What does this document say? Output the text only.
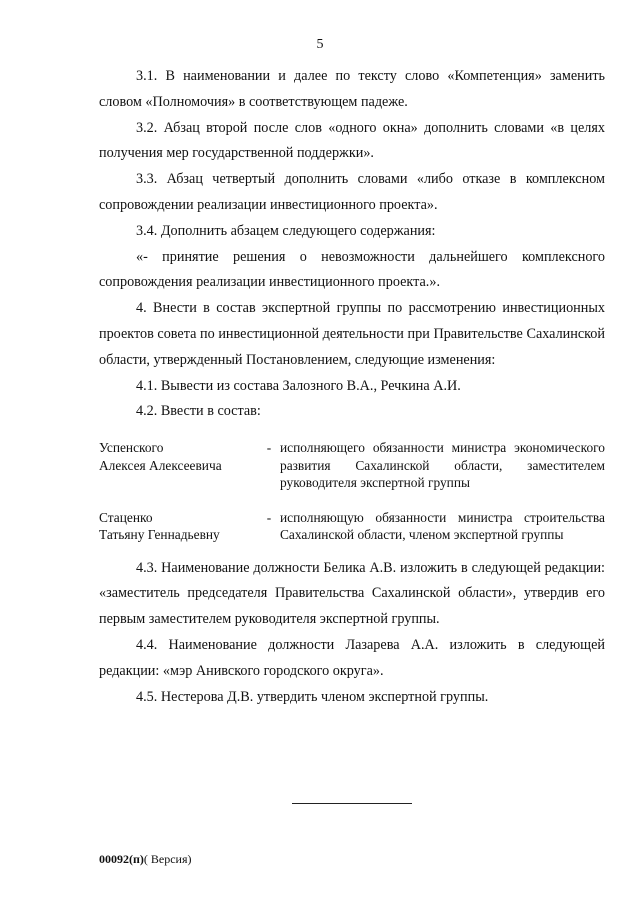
5

3.1. В наименовании и далее по тексту слово «Компетенция» заменить словом «Полномочия» в соответствующем падеже.

3.2. Абзац второй после слов «одного окна» дополнить словами «в целях получения мер государственной поддержки».

3.3. Абзац четвертый дополнить словами «либо отказе в комплексном сопровождении реализации инвестиционного проекта».

3.4. Дополнить абзацем следующего содержания:

«- принятие решения о невозможности дальнейшего комплексного сопровождения реализации инвестиционного проекта.».

4. Внести в состав экспертной группы по рассмотрению инвестиционных проектов совета по инвестиционной деятельности при Правительстве Сахалинской области, утвержденный Постановлением, следующие изменения:

4.1. Вывести из состава Залозного В.А., Речкина А.И.

4.2. Ввести в состав:

Успенского
Алексея Алексеевича
- исполняющего обязанности министра экономического развития Сахалинской области, заместителем руководителя экспертной группы
Стаценко
Татьяну Геннадьевну
- исполняющую обязанности министра строительства Сахалинской области, членом экспертной группы

4.3. Наименование должности Белика А.В. изложить в следующей редакции: «заместитель председателя Правительства Сахалинской области», утвердив его первым заместителем руководителя экспертной группы.

4.4. Наименование должности Лазарева А.А. изложить в следующей редакции: «мэр Анивского городского округа».

4.5. Нестерова Д.В. утвердить членом экспертной группы.

00092(п)( Версия)
